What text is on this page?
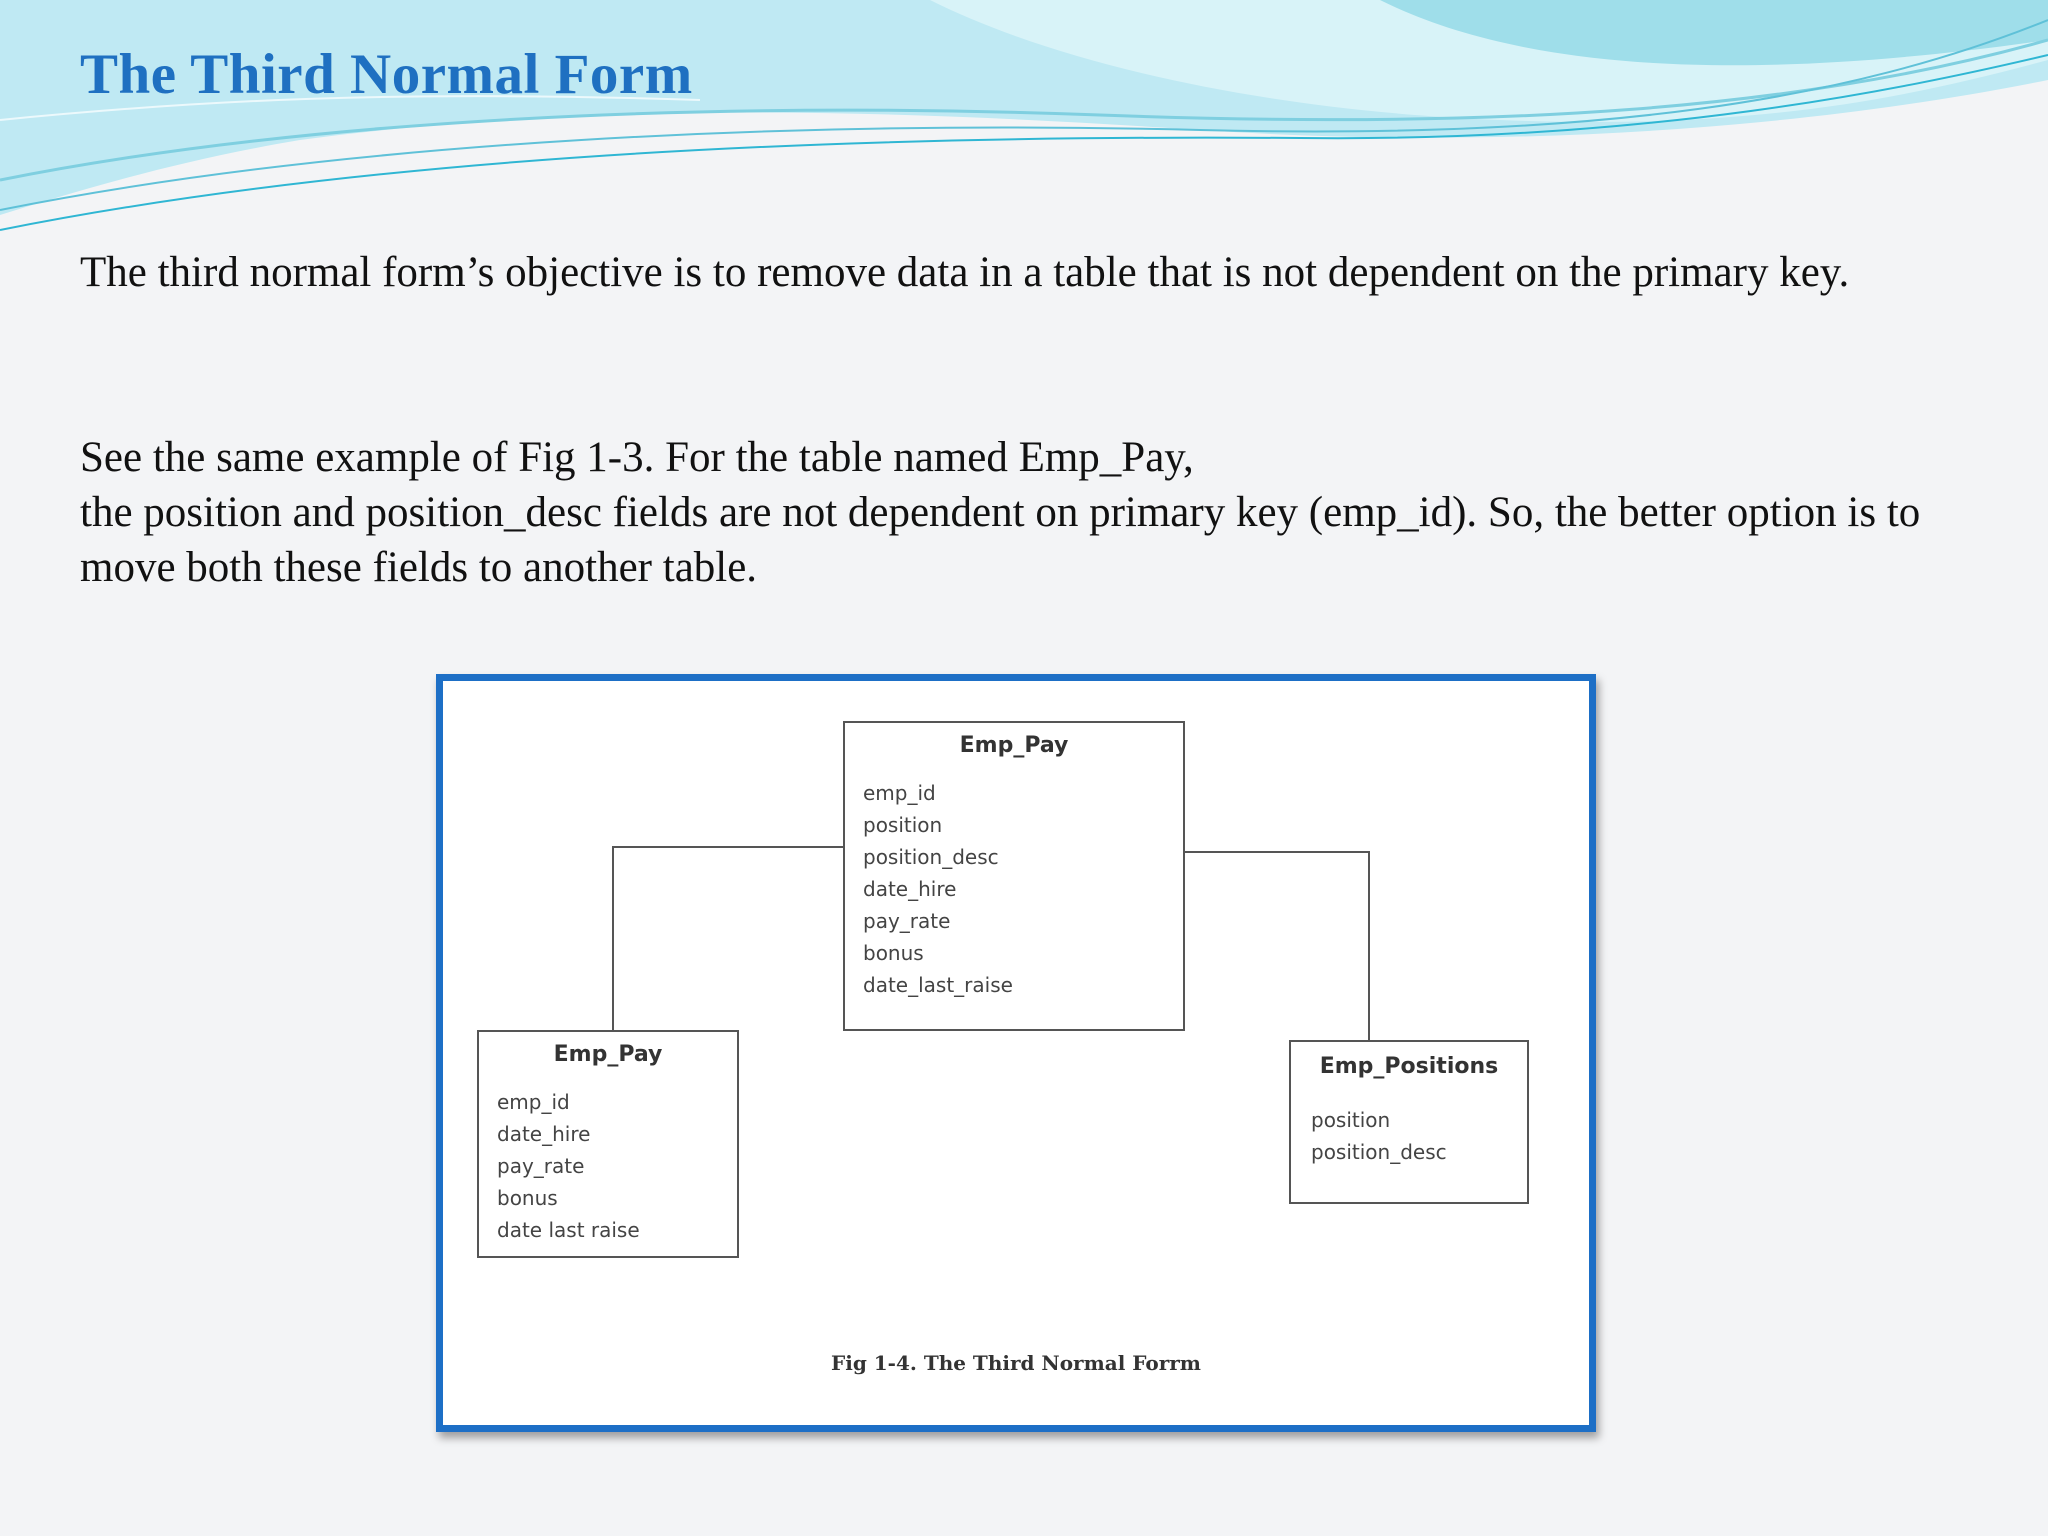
The Third Normal Form

The third normal form’s objective is to remove data in a table that is not dependent on the primary key.

See the same example of Fig 1-3. For the table named Emp_Pay,
the position and position_desc fields are not dependent on primary key (emp_id). So, the better option is to move both these fields to another table.

Emp_Pay
emp_id
position
position_desc
date_hire
pay_rate
bonus
date_last_raise
Emp_Pay
emp_id
date_hire
pay_rate
bonus
date last raise
Emp_Positions
position
position_desc
Fig 1-4. The Third Normal Forrm
